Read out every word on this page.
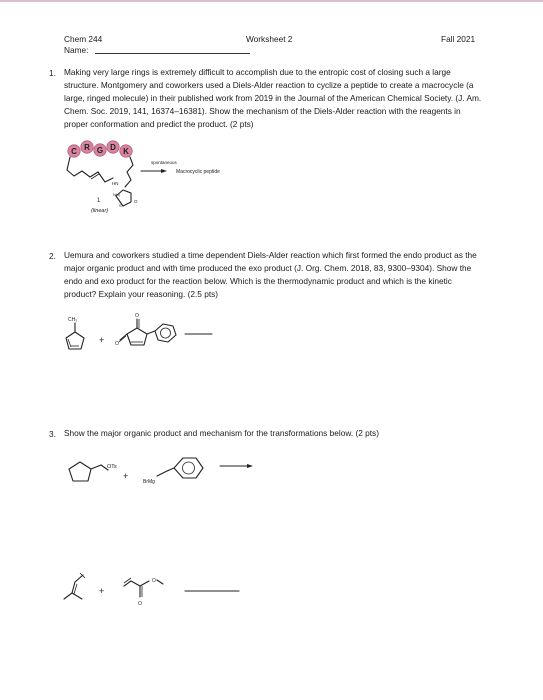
Chem 244	Worksheet 2	Fall 2021
Name:
1. Making very large rings is extremely difficult to accomplish due to the entropic cost of closing such a large structure. Montgomery and coworkers used a Diels-Alder reaction to cyclize a peptide to create a macrocycle (a large, ringed molecule) in their published work from 2019 in the Journal of the American Chemical Society. (J. Am. Chem. Soc. 2019, 141, 16374–16381). Show the mechanism of the Diels-Alder reaction with the reagents in proper conformation and predict the product. (2 pts)
2. Uemura and coworkers studied a time dependent Diels-Alder reaction which first formed the endo product as the major organic product and with time produced the exo product (J. Org. Chem. 2018, 83, 9300–9304). Show the endo and exo product for the reaction below. Which is the thermodynamic product and which is the kinetic product? Explain your reasoning. (2.5 pts)
3. Show the major organic product and mechanism for the transformations below. (2 pts)
C R G D K
HN
O
NH₂
S
1
(linear)
spontaneous
Macrocyclic peptide
CH₃
+
O
O
OTs
+
BrMg
+
O
O
